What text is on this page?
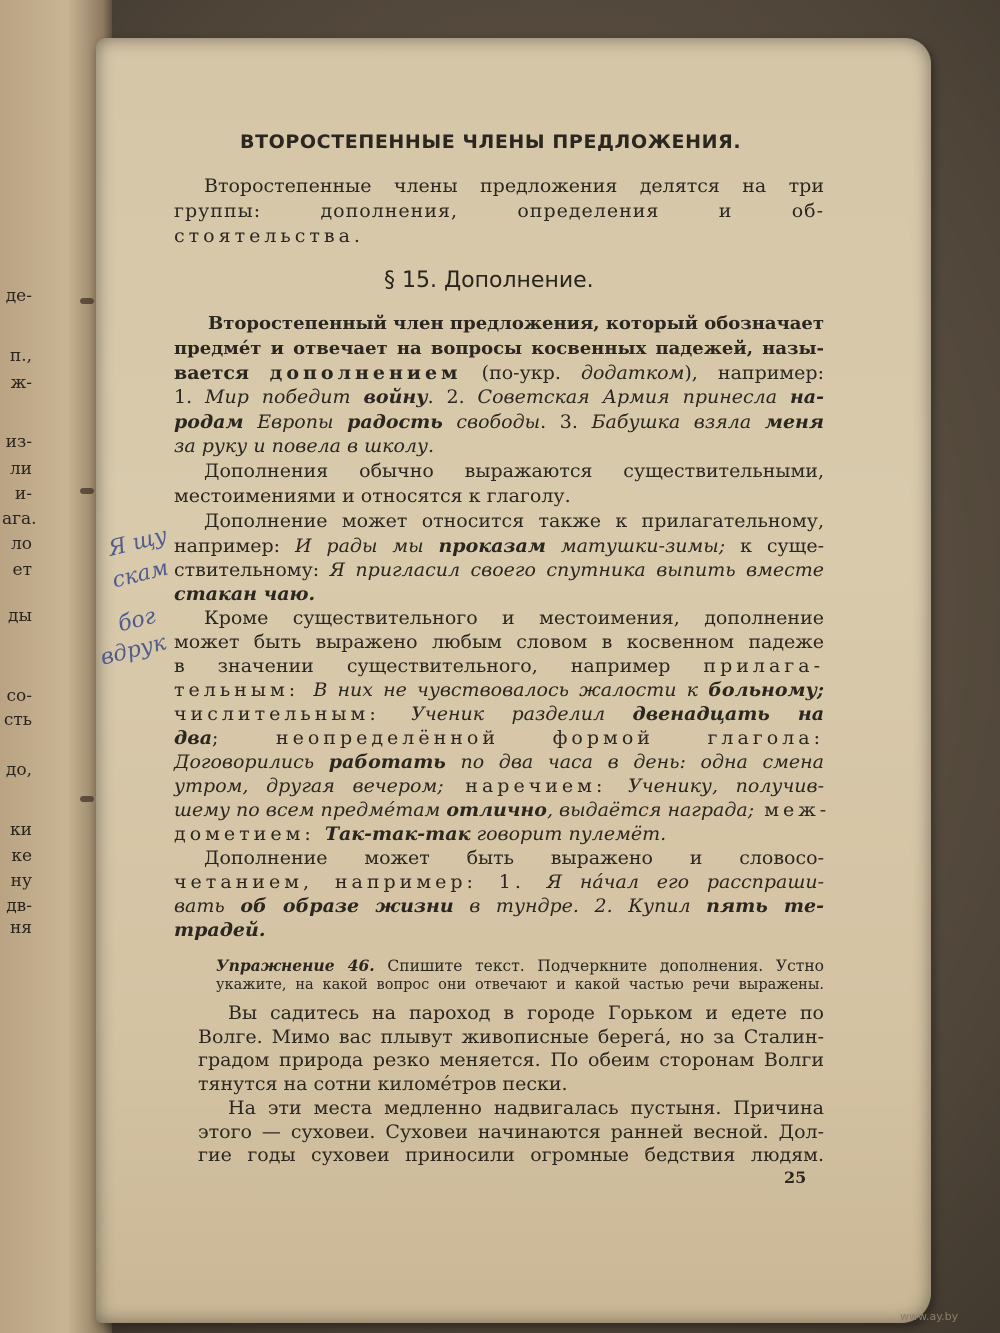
де-
п.,
ж-
из-
ли
и-
ага.
ло
ет
ды
со-
сть
до,
ки
ке
ну
дв-
ня
ВТОРОСТЕПЕННЫЕ ЧЛЕНЫ ПРЕДЛОЖЕНИЯ.
Второстепенные члены предложения делятся на три
группы: дополнения, определения и об-
стоятельства.
§ 15. Дополнение.
Второстепенный член предложения, который обозначает
предмéт и отвечает на вопросы косвенных падежей, назы-
вается дополнением (по-укр. додатком), например:
1. Мир победит войну. 2. Советская Армия принесла на-
родам Европы радость свободы. 3. Бабушка взяла меня
за руку и повела в школу.
Дополнения обычно выражаются существительными,
местоимениями и относятся к глаголу.
Дополнение может относится также к прилагательному,
например: И рады мы проказам матушки-зимы; к суще-
ствительному: Я пригласил своего спутника выпить вместе
стакан чаю.
Кроме существительного и местоимения, дополнение
может быть выражено любым словом в косвенном падеже
в значении существительного, например прилага-
тельным: В них не чувствовалось жалости к больному;
числительным: Ученик разделил двенадцать на
два; неопределённой формой глагола:
Договорились работать по два часа в день: одна смена
утром, другая вечером; наречием: Ученику, получив-
шему по всем предмéтам отлично, выдаётся награда; меж-
дометием: Так-так-так говорит пулемёт.
Дополнение может быть выражено и словосо-
четанием, например: 1. Я нáчал его расспраши-
вать об образе жизни в тундре. 2. Купил пять те-
традей.
Упражнение 46. Спишите текст. Подчеркните дополнения. Устно
укажите, на какой вопрос они отвечают и какой частью речи выражены.
Вы садитесь на пароход в городе Горьком и едете по
Волге. Мимо вас плывут живописные берегá, но за Сталин-
градом природа резко меняется. По обеим сторонам Волги
тянутся на сотни киломéтров пески.
На эти места медленно надвигалась пустыня. Причина
этого — суховеи. Суховеи начинаются ранней весной. Дол-
гие годы суховеи приносили огромные бедствия людям.
25
Я щу
скам
бог
вдрук
www.ay.by
